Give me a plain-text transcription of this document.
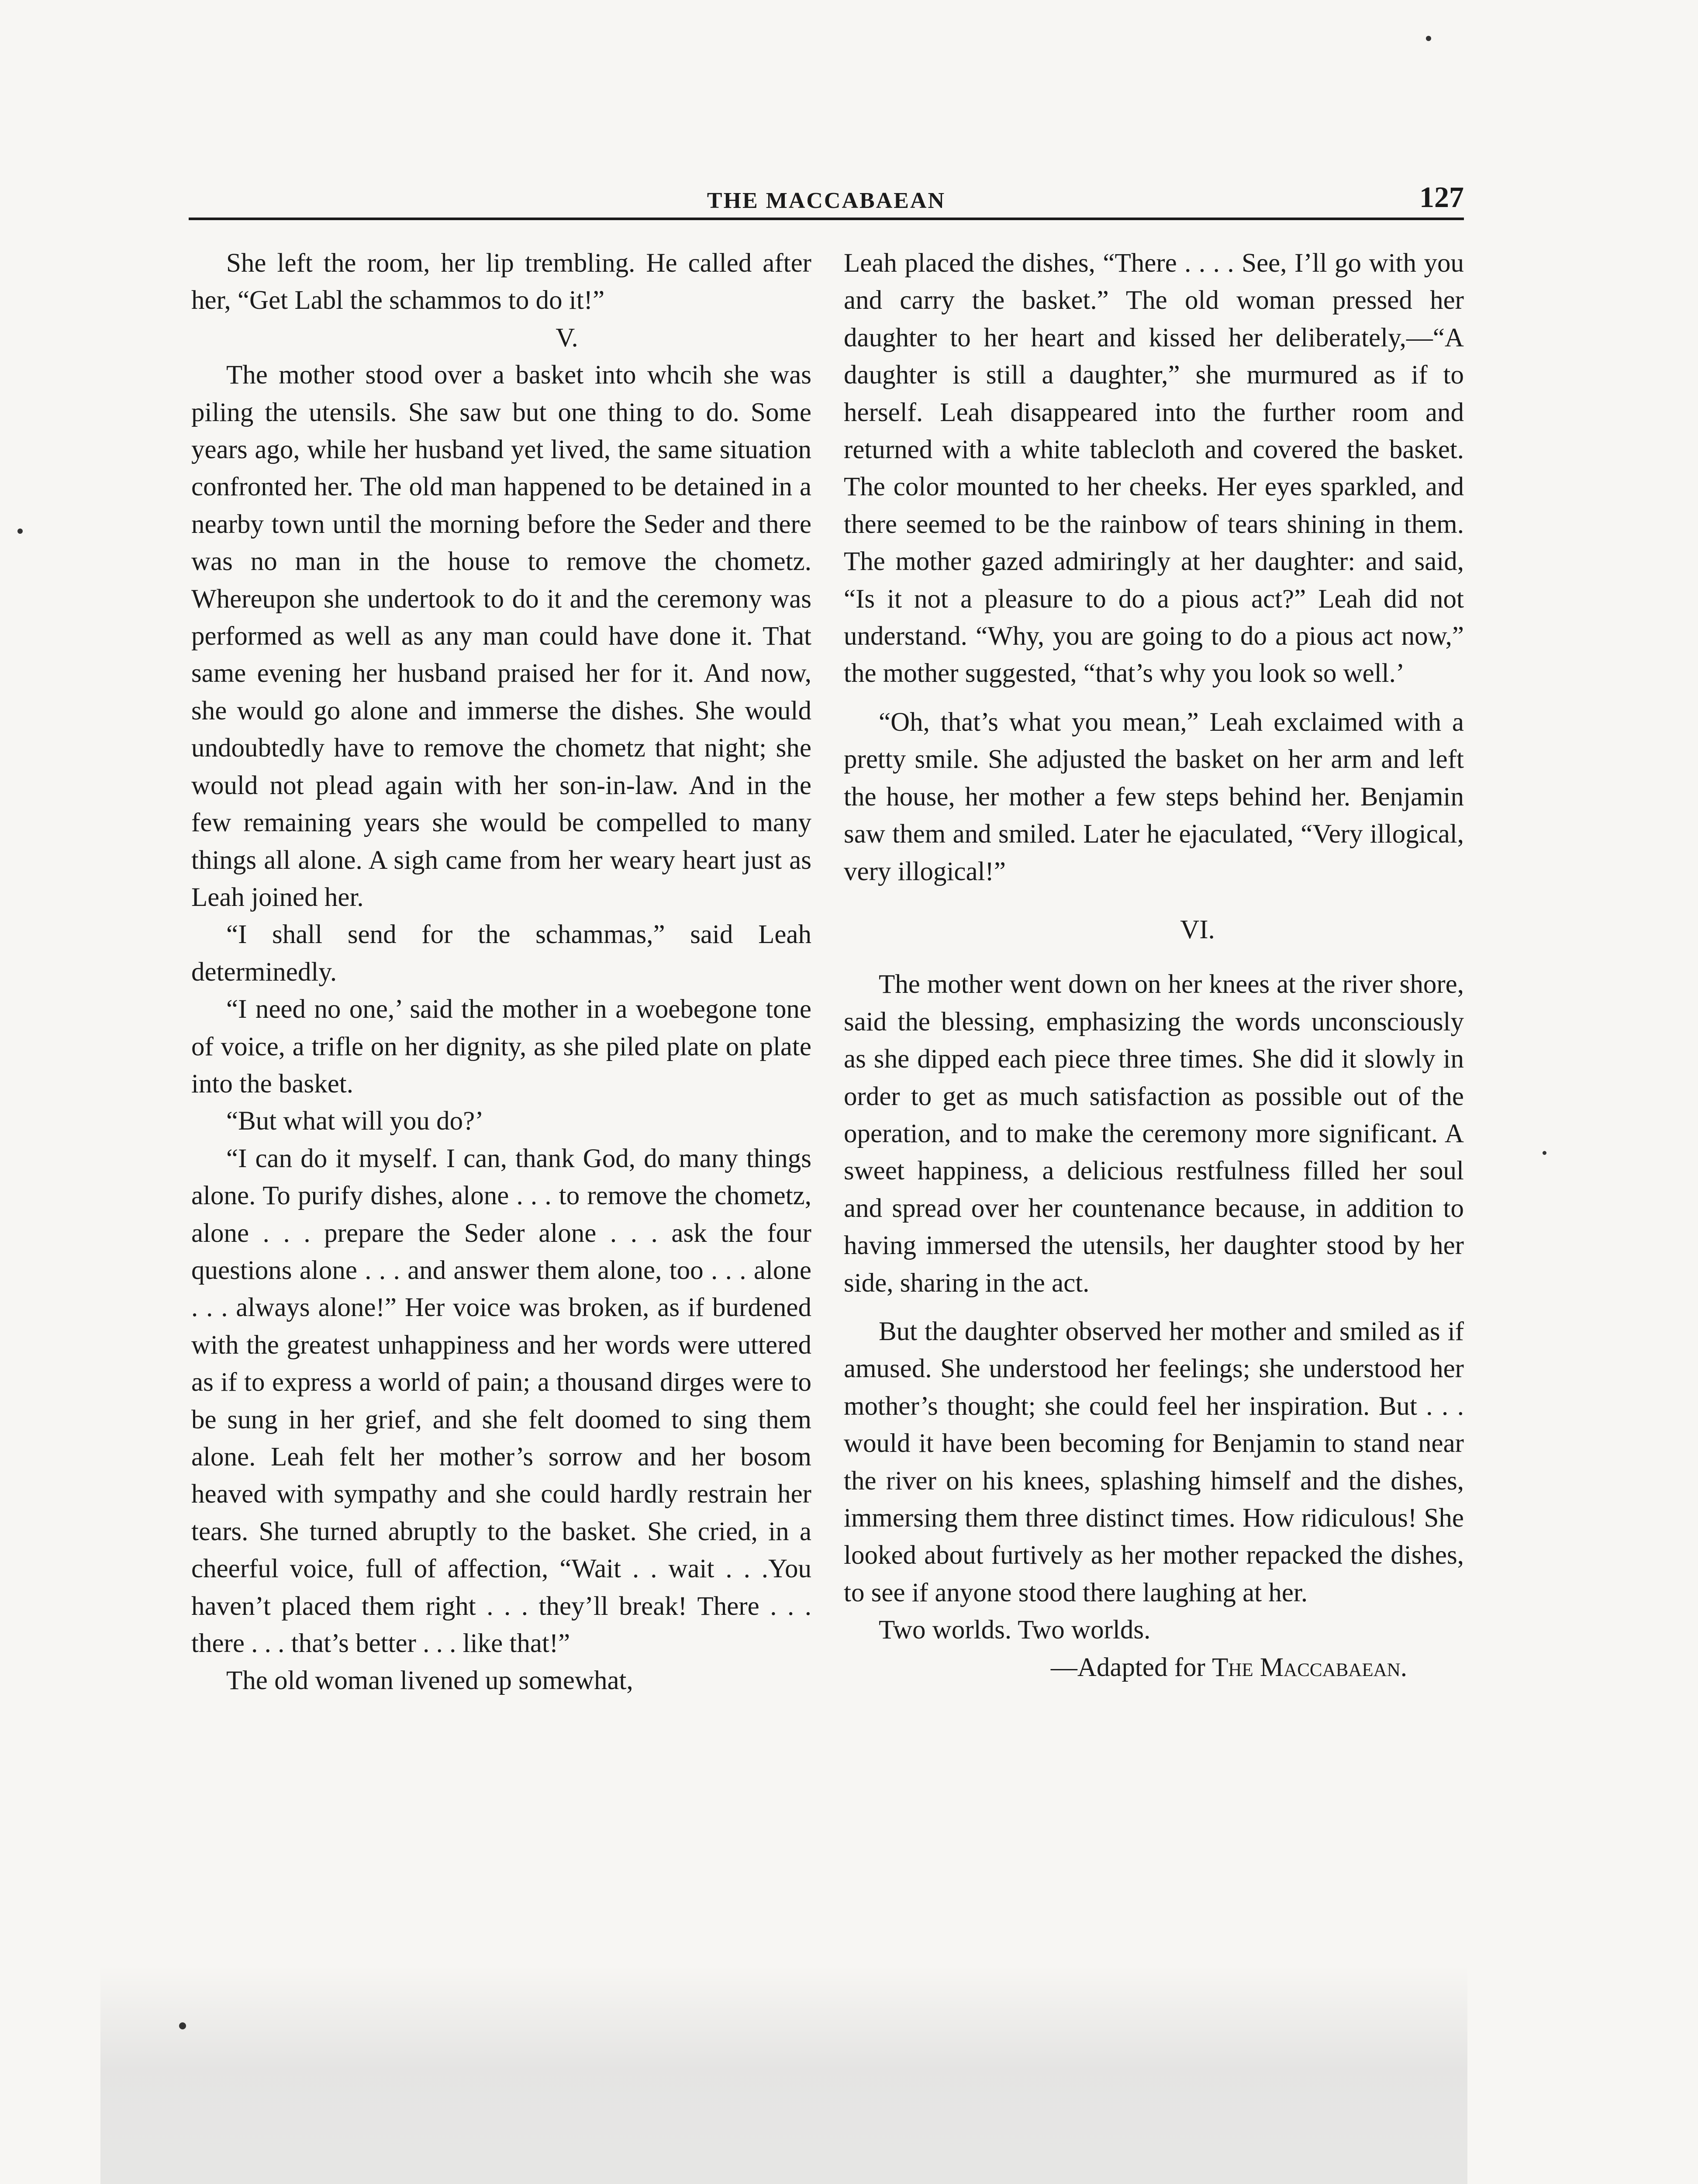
THE MACCABAEAN	127

She left the room, her lip trembling. He called after her, “Get Labl the schammos to do it!”

V.

The mother stood over a basket into whcih she was piling the utensils. She saw but one thing to do. Some years ago, while her husband yet lived, the same situation confronted her. The old man happened to be detained in a nearby town until the morning before the Seder and there was no man in the house to remove the chometz. Whereupon she undertook to do it and the ceremony was performed as well as any man could have done it. That same evening her husband praised her for it. And now, she would go alone and immerse the dishes. She would undoubtedly have to remove the chometz that night; she would not plead again with her son-in-law. And in the few remaining years she would be compelled to many things all alone. A sigh came from her weary heart just as Leah joined her.

“I shall send for the schammas,” said Leah determinedly.

“I need no one,’ said the mother in a woebegone tone of voice, a trifle on her dignity, as she piled plate on plate into the basket.

“But what will you do?’

“I can do it myself. I can, thank God, do many things alone. To purify dishes, alone . . . to remove the chometz, alone . . . prepare the Seder alone . . . ask the four questions alone . . . and answer them alone, too . . . alone . . . always alone!” Her voice was broken, as if burdened with the greatest unhappiness and her words were uttered as if to express a world of pain; a thousand dirges were to be sung in her grief, and she felt doomed to sing them alone. Leah felt her mother’s sorrow and her bosom heaved with sympathy and she could hardly restrain her tears. She turned abruptly to the basket. She cried, in a cheerful voice, full of affection, “Wait . . wait . . .You haven’t placed them right . . . they’ll break! There . . . there . . . that’s better . . . like that!”

The old woman livened up somewhat,

Leah placed the dishes, “There . . . . See, I’ll go with you and carry the basket.” The old woman pressed her daughter to her heart and kissed her deliberately,—“A daughter is still a daughter,” she murmured as if to herself. Leah disappeared into the further room and returned with a white tablecloth and covered the basket. The color mounted to her cheeks. Her eyes sparkled, and there seemed to be the rainbow of tears shining in them. The mother gazed admiringly at her daughter: and said, “Is it not a pleasure to do a pious act?” Leah did not understand. “Why, you are going to do a pious act now,” the mother suggested, “that’s why you look so well.’

“Oh, that’s what you mean,” Leah exclaimed with a pretty smile. She adjusted the basket on her arm and left the house, her mother a few steps behind her. Benjamin saw them and smiled. Later he ejaculated, “Very illogical, very illogical!”

VI.

The mother went down on her knees at the river shore, said the blessing, emphasizing the words unconsciously as she dipped each piece three times. She did it slowly in order to get as much satisfaction as possible out of the operation, and to make the ceremony more significant. A sweet happiness, a delicious restfulness filled her soul and spread over her countenance because, in addition to having immersed the utensils, her daughter stood by her side, sharing in the act.

But the daughter observed her mother and smiled as if amused. She understood her feelings; she understood her mother’s thought; she could feel her inspiration. But . . . would it have been becoming for Benjamin to stand near the river on his knees, splashing himself and the dishes, immersing them three distinct times. How ridiculous! She looked about furtively as her mother repacked the dishes, to see if anyone stood there laughing at her.

Two worlds. Two worlds.

—Adapted for The Maccabaean.
